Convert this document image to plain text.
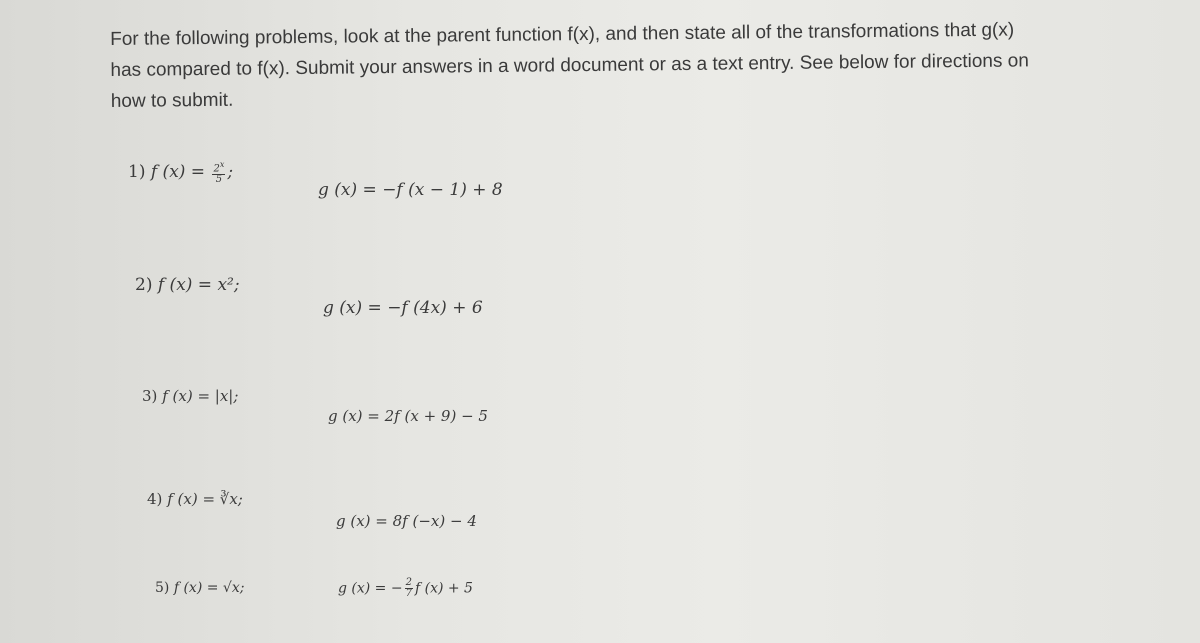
For the following problems, look at the parent function f(x), and then state all of the transformations that g(x)
has compared to f(x). Submit your answers in a word document or as a text entry. See below for directions on
how to submit.
1) f $(x) = \frac{2^x}{5}$ ;
g (x) = −f (x − 1) + 8
2) f (x) = x²;
g (x) = −f (4x) + 6
3) f (x) = |x|;
g (x) = 2f (x + 9) − 5
4) f (x) = ∛x;
g (x) = 8f (−x) − 4
5) f (x) = √x;	g (x) = − $\frac{2}{7}$ f (x) + 5
